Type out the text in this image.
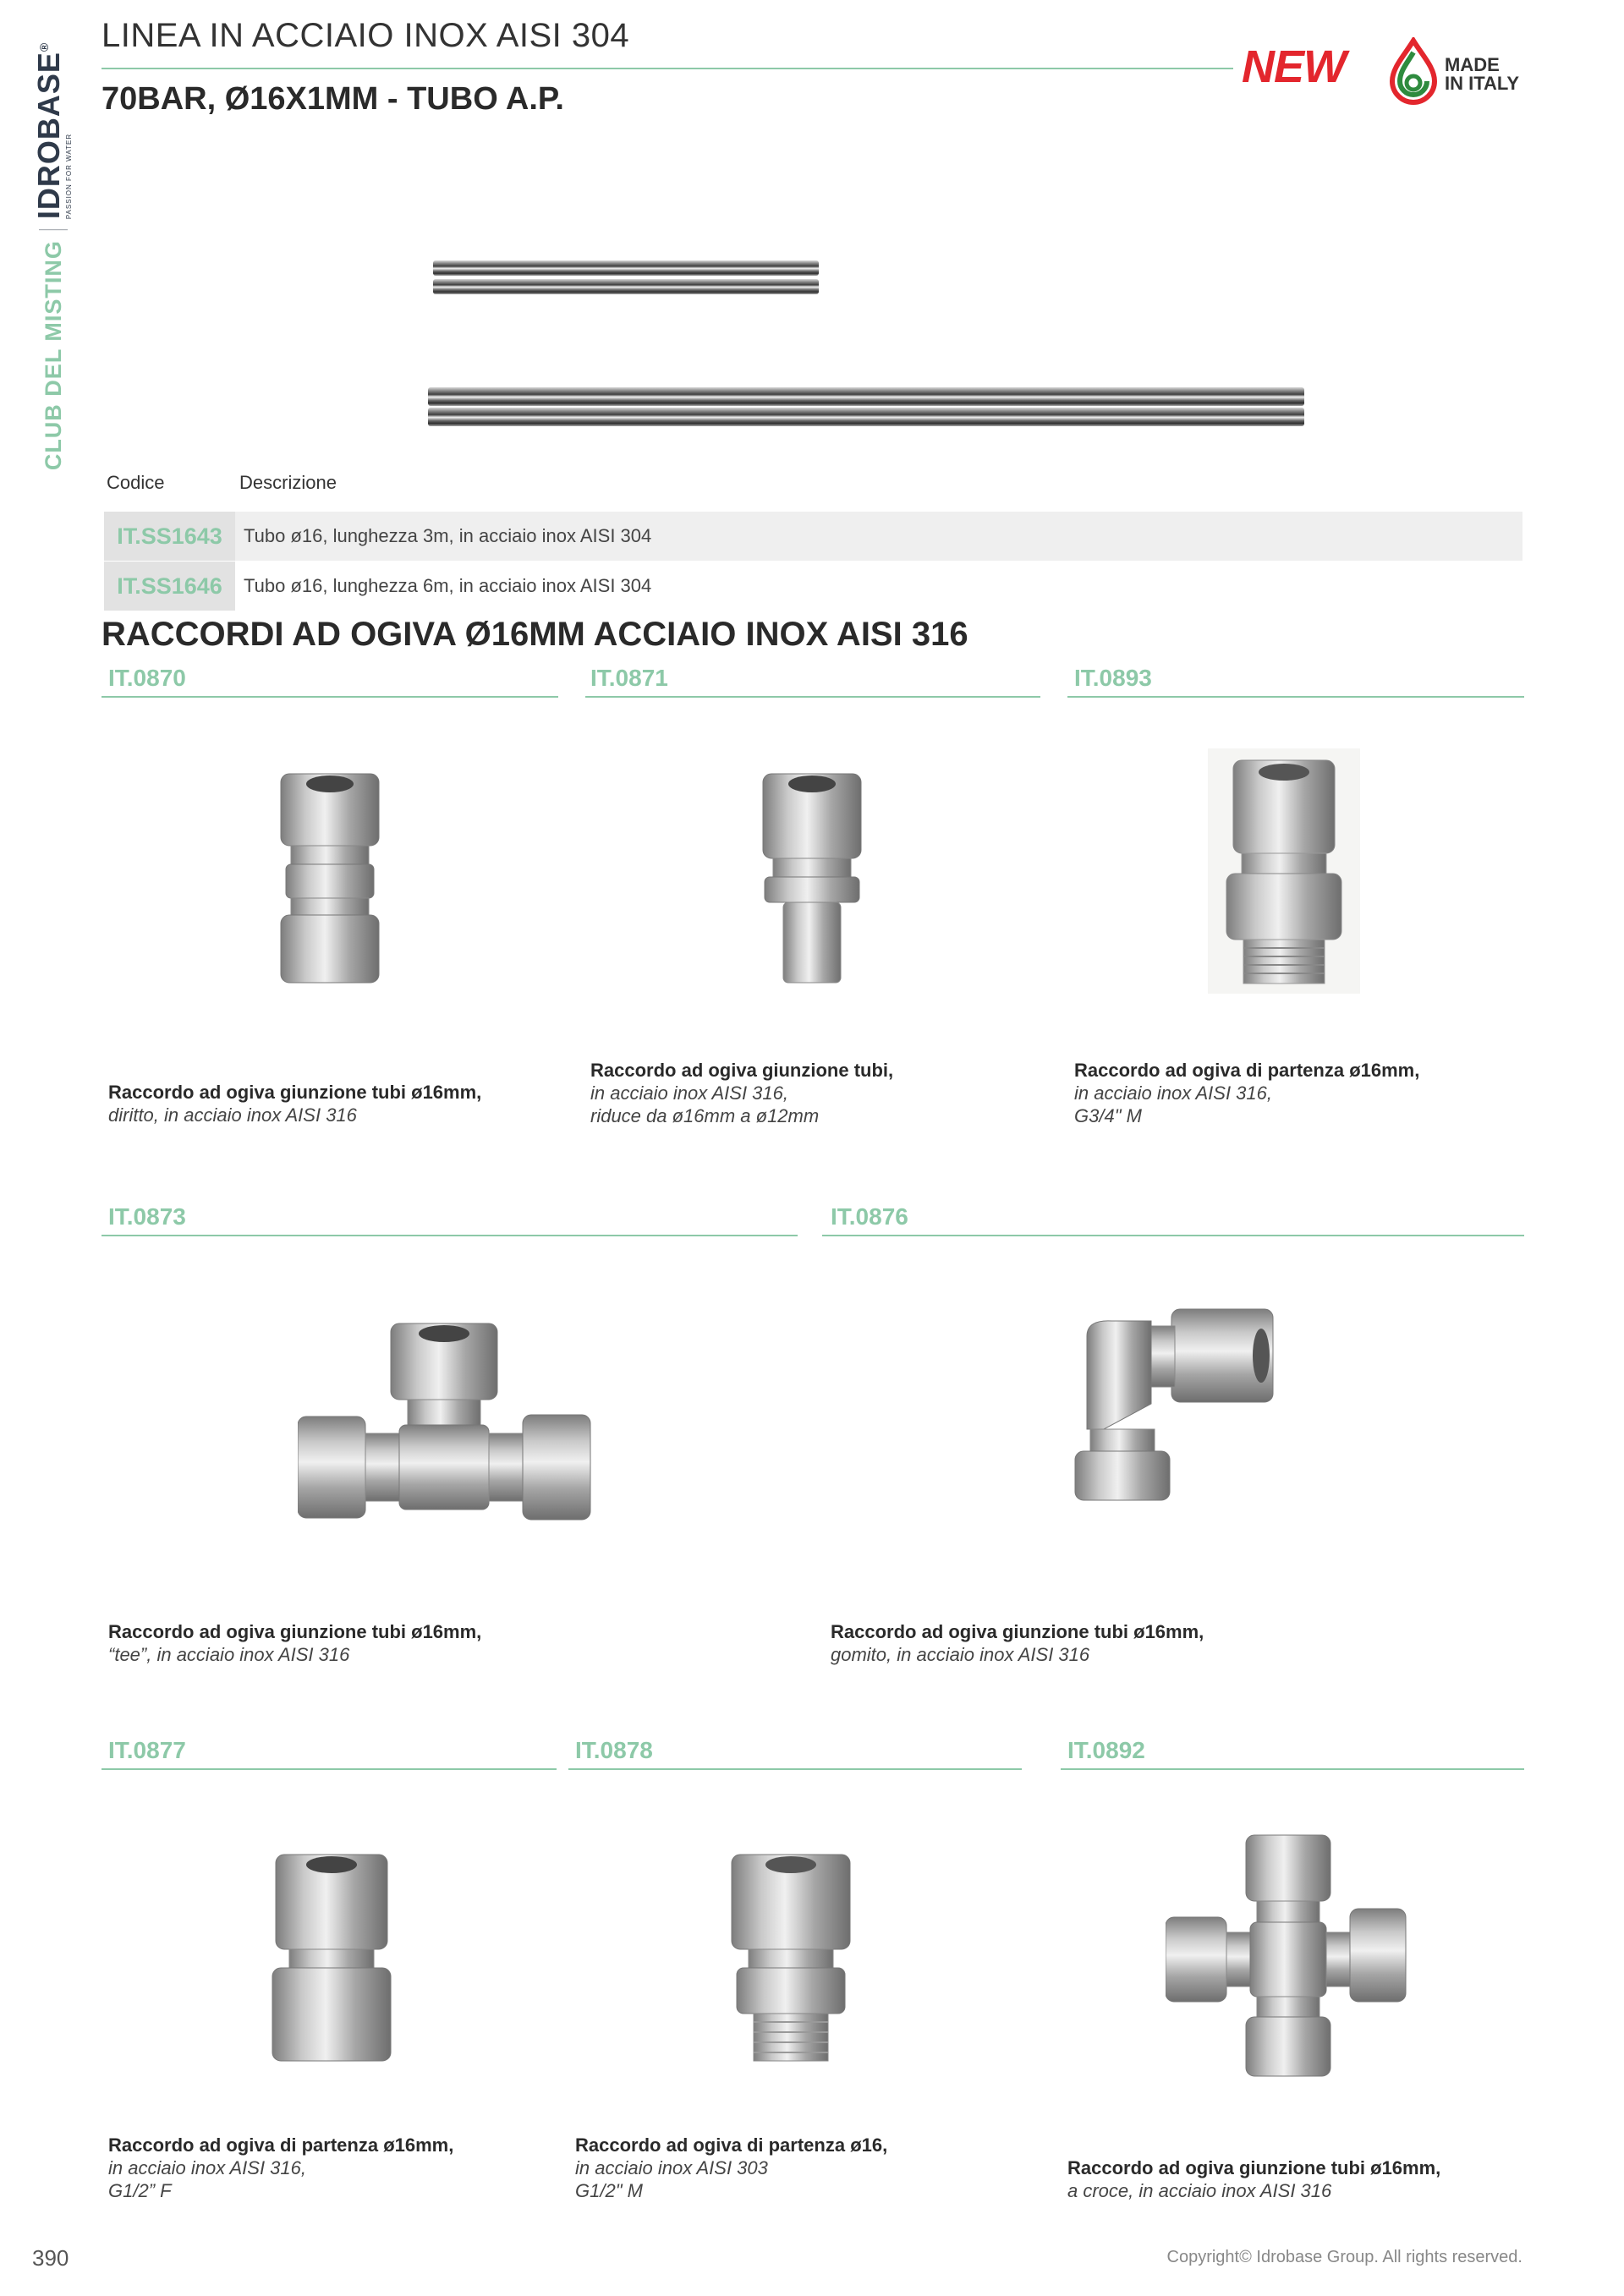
CLUB DEL MISTING
IDROBASE®
PASSION FOR WATER
LINEA IN ACCIAIO INOX AISI 304
70BAR, Ø16X1MM - TUBO A.P.
NEW	MADE
IN ITALY
Codice	Descrizione
IT.SS1643	Tubo ø16, lunghezza 3m, in acciaio inox AISI 304
IT.SS1646	Tubo ø16, lunghezza 6m, in acciaio inox AISI 304
RACCORDI AD OGIVA Ø16MM ACCIAIO INOX AISI 316
IT.0870	IT.0871	IT.0893
Raccordo ad ogiva giunzione tubi ø16mm,
diritto, in acciaio inox AISI 316
Raccordo ad ogiva giunzione tubi,
in acciaio inox AISI 316,
riduce da ø16mm a ø12mm
Raccordo ad ogiva di partenza ø16mm,
in acciaio inox AISI 316,
G3/4" M
IT.0873	IT.0876
Raccordo ad ogiva giunzione tubi ø16mm,
“tee”, in acciaio inox AISI 316
Raccordo ad ogiva giunzione tubi ø16mm,
gomito, in acciaio inox AISI 316
IT.0877	IT.0878	IT.0892
Raccordo ad ogiva di partenza ø16mm,
in acciaio inox AISI 316,
G1/2” F
Raccordo ad ogiva di partenza ø16,
in acciaio inox AISI 303
G1/2" M
Raccordo ad ogiva giunzione tubi ø16mm,
a croce, in acciaio inox AISI 316
390	Copyright© Idrobase Group. All rights reserved.
